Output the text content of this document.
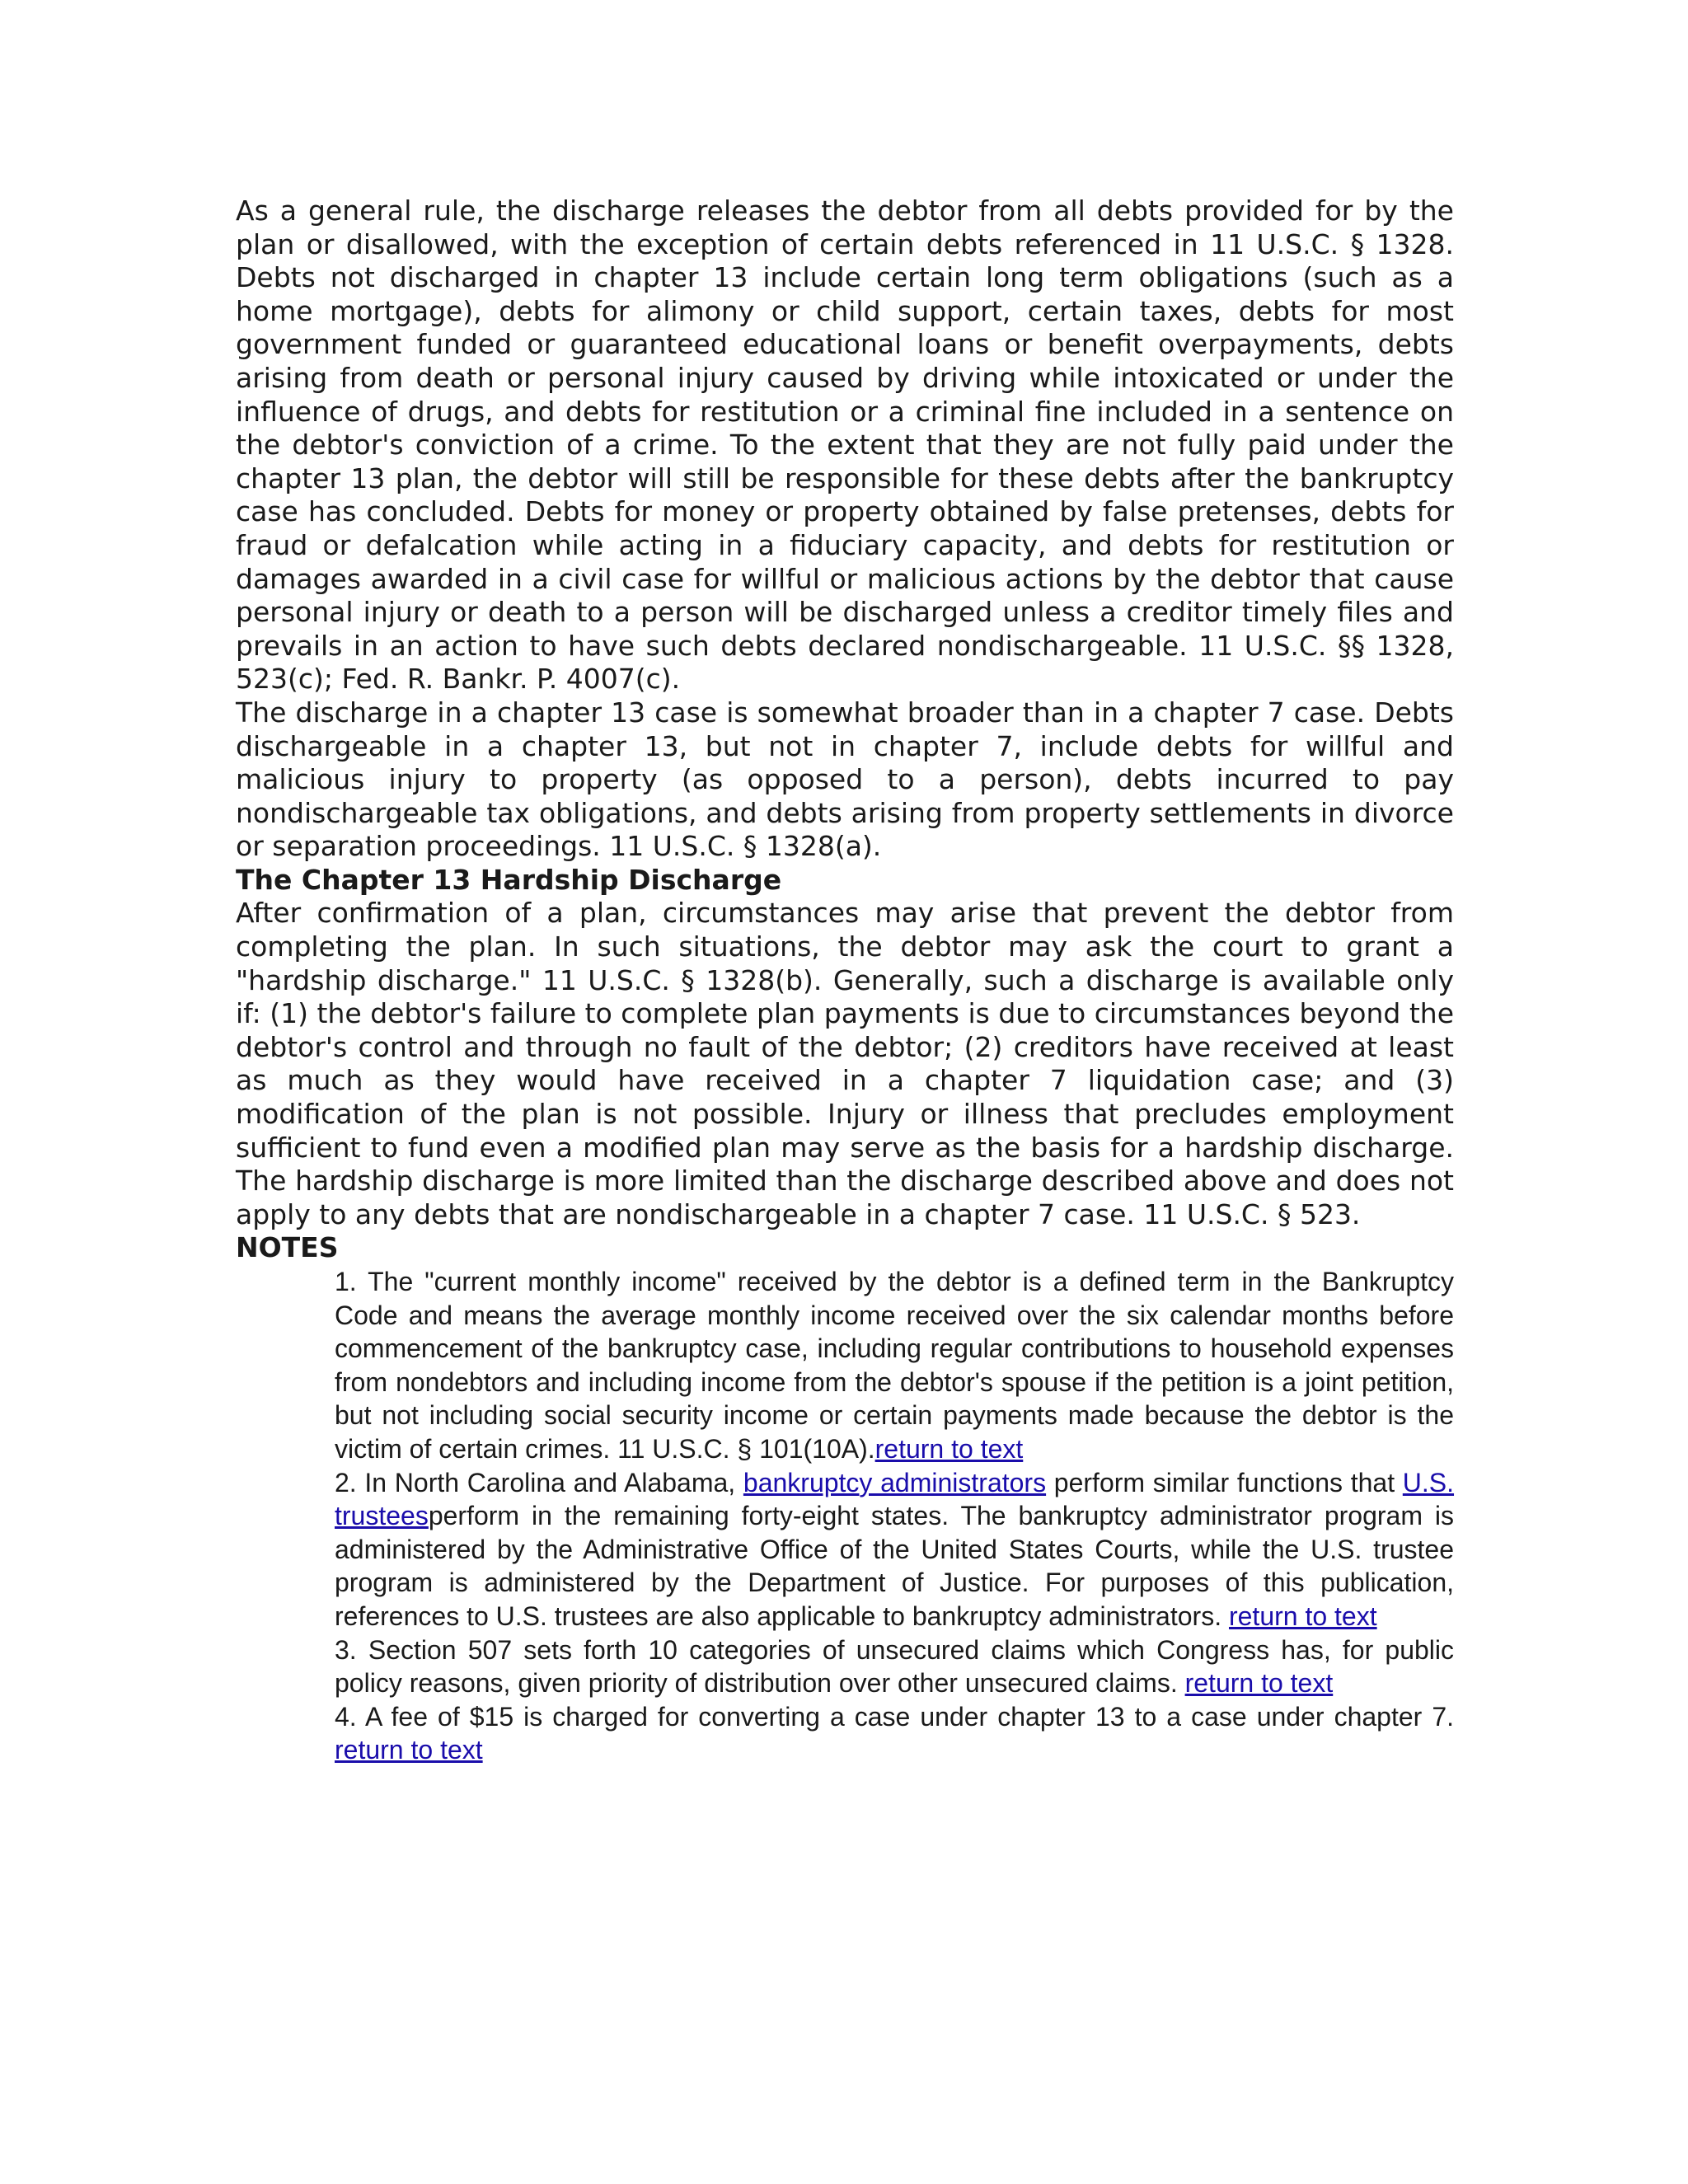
As a general rule, the discharge releases the debtor from all debts provided for by the plan or disallowed, with the exception of certain debts referenced in 11 U.S.C. § 1328. Debts not discharged in chapter 13 include certain long term obligations (such as a home mortgage), debts for alimony or child support, certain taxes, debts for most government funded or guaranteed educational loans or benefit overpayments, debts arising from death or personal injury caused by driving while intoxicated or under the influence of drugs, and debts for restitution or a criminal fine included in a sentence on the debtor's conviction of a crime. To the extent that they are not fully paid under the chapter 13 plan, the debtor will still be responsible for these debts after the bankruptcy case has concluded. Debts for money or property obtained by false pretenses, debts for fraud or defalcation while acting in a fiduciary capacity, and debts for restitution or damages awarded in a civil case for willful or malicious actions by the debtor that cause personal injury or death to a person will be discharged unless a creditor timely files and prevails in an action to have such debts declared nondischargeable. 11 U.S.C. §§ 1328, 523(c); Fed. R. Bankr. P. 4007(c).

The discharge in a chapter 13 case is somewhat broader than in a chapter 7 case. Debts dischargeable in a chapter 13, but not in chapter 7, include debts for willful and malicious injury to property (as opposed to a person), debts incurred to pay nondischargeable tax obligations, and debts arising from property settlements in divorce or separation proceedings. 11 U.S.C. § 1328(a).

The Chapter 13 Hardship Discharge

After confirmation of a plan, circumstances may arise that prevent the debtor from completing the plan. In such situations, the debtor may ask the court to grant a "hardship discharge." 11 U.S.C. § 1328(b). Generally, such a discharge is available only if: (1) the debtor's failure to complete plan payments is due to circumstances beyond the debtor's control and through no fault of the debtor; (2) creditors have received at least as much as they would have received in a chapter 7 liquidation case; and (3) modification of the plan is not possible. Injury or illness that precludes employment sufficient to fund even a modified plan may serve as the basis for a hardship discharge. The hardship discharge is more limited than the discharge described above and does not apply to any debts that are nondischargeable in a chapter 7 case. 11 U.S.C. § 523.

NOTES

1. The "current monthly income" received by the debtor is a defined term in the Bankruptcy Code and means the average monthly income received over the six calendar months before commencement of the bankruptcy case, including regular contributions to household expenses from nondebtors and including income from the debtor's spouse if the petition is a joint petition, but not including social security income or certain payments made because the debtor is the victim of certain crimes. 11 U.S.C. § 101(10A).return to text

2. In North Carolina and Alabama, bankruptcy administrators perform similar functions that U.S. trusteesperform in the remaining forty-eight states. The bankruptcy administrator program is administered by the Administrative Office of the United States Courts, while the U.S. trustee program is administered by the Department of Justice. For purposes of this publication, references to U.S. trustees are also applicable to bankruptcy administrators. return to text

3. Section 507 sets forth 10 categories of unsecured claims which Congress has, for public policy reasons, given priority of distribution over other unsecured claims. return to text

4. A fee of $15 is charged for converting a case under chapter 13 to a case under chapter 7. return to text
